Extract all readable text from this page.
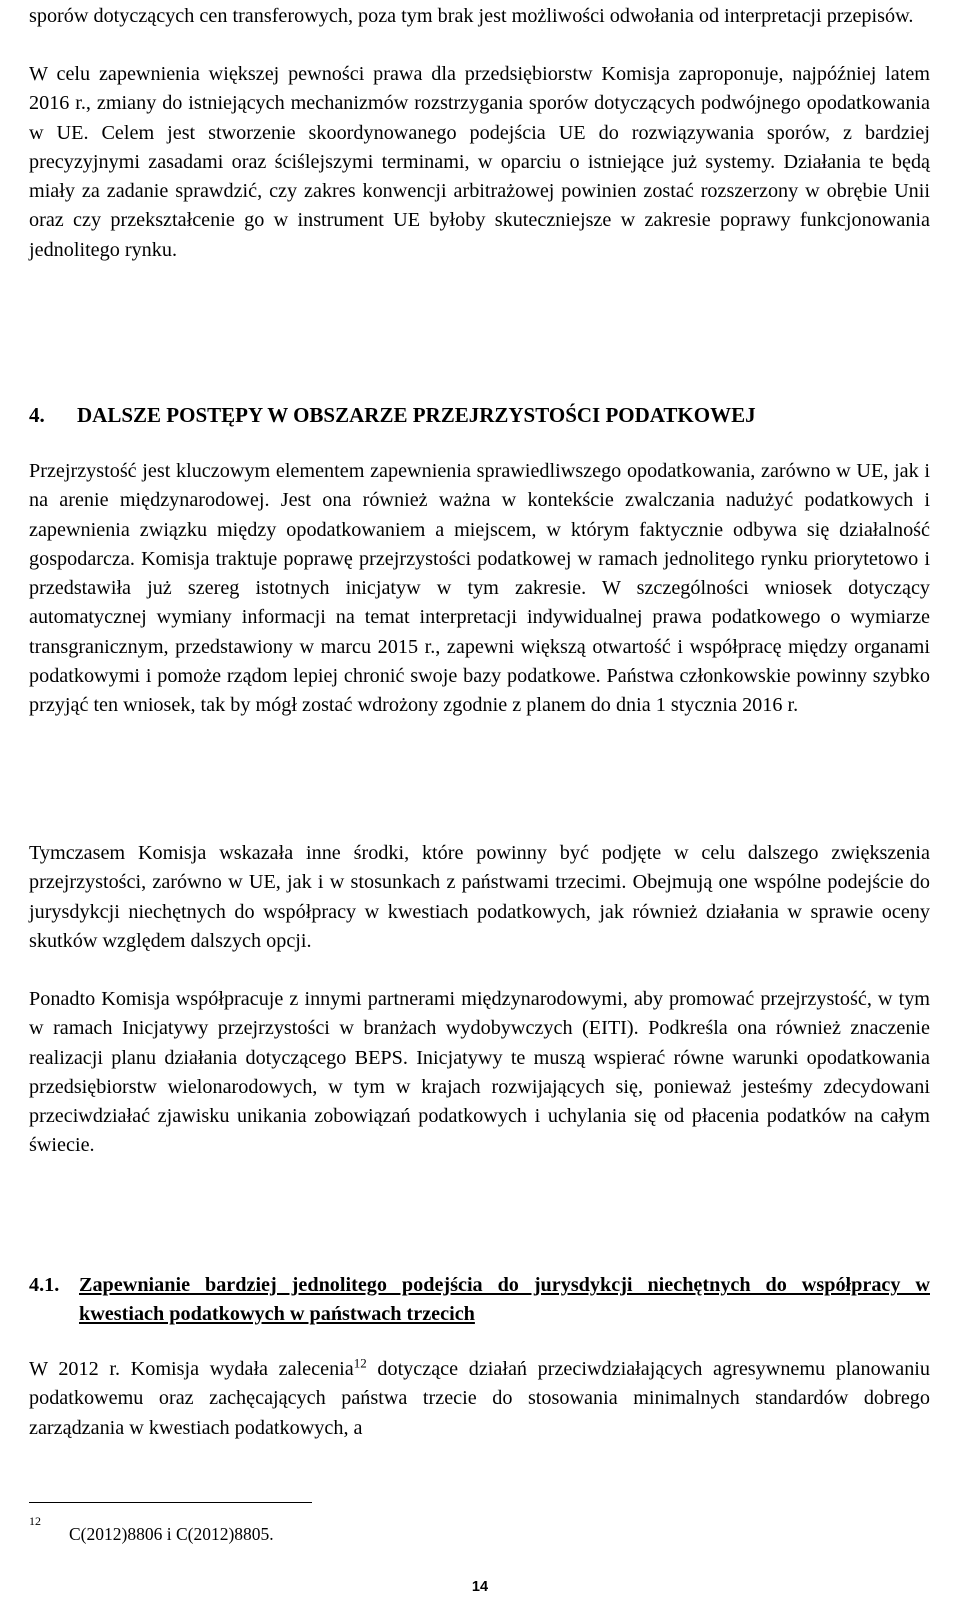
sporów dotyczących cen transferowych, poza tym brak jest możliwości odwołania od interpretacji przepisów.

W celu zapewnienia większej pewności prawa dla przedsiębiorstw Komisja zaproponuje, najpóźniej latem 2016 r., zmiany do istniejących mechanizmów rozstrzygania sporów dotyczących podwójnego opodatkowania w UE. Celem jest stworzenie skoordynowanego podejścia UE do rozwiązywania sporów, z bardziej precyzyjnymi zasadami oraz ściślejszymi terminami, w oparciu o istniejące już systemy. Działania te będą miały za zadanie sprawdzić, czy zakres konwencji arbitrażowej powinien zostać rozszerzony w obrębie Unii oraz czy przekształcenie go w instrument UE byłoby skuteczniejsze w zakresie poprawy funkcjonowania jednolitego rynku.

4. DALSZE POSTĘPY W OBSZARZE PRZEJRZYSTOŚCI PODATKOWEJ

Przejrzystość jest kluczowym elementem zapewnienia sprawiedliwszego opodatkowania, zarówno w UE, jak i na arenie międzynarodowej. Jest ona również ważna w kontekście zwalczania nadużyć podatkowych i zapewnienia związku między opodatkowaniem a miejscem, w którym faktycznie odbywa się działalność gospodarcza. Komisja traktuje poprawę przejrzystości podatkowej w ramach jednolitego rynku priorytetowo i przedstawiła już szereg istotnych inicjatyw w tym zakresie. W szczególności wniosek dotyczący automatycznej wymiany informacji na temat interpretacji indywidualnej prawa podatkowego o wymiarze transgranicznym, przedstawiony w marcu 2015 r., zapewni większą otwartość i współpracę między organami podatkowymi i pomoże rządom lepiej chronić swoje bazy podatkowe. Państwa członkowskie powinny szybko przyjąć ten wniosek, tak by mógł zostać wdrożony zgodnie z planem do dnia 1 stycznia 2016 r.

Tymczasem Komisja wskazała inne środki, które powinny być podjęte w celu dalszego zwiększenia przejrzystości, zarówno w UE, jak i w stosunkach z państwami trzecimi. Obejmują one wspólne podejście do jurysdykcji niechętnych do współpracy w kwestiach podatkowych, jak również działania w sprawie oceny skutków względem dalszych opcji.

Ponadto Komisja współpracuje z innymi partnerami międzynarodowymi, aby promować przejrzystość, w tym w ramach Inicjatywy przejrzystości w branżach wydobywczych (EITI). Podkreśla ona również znaczenie realizacji planu działania dotyczącego BEPS. Inicjatywy te muszą wspierać równe warunki opodatkowania przedsiębiorstw wielonarodowych, w tym w krajach rozwijających się, ponieważ jesteśmy zdecydowani przeciwdziałać zjawisku unikania zobowiązań podatkowych i uchylania się od płacenia podatków na całym świecie.

4.1. Zapewnianie bardziej jednolitego podejścia do jurysdykcji niechętnych do współpracy w kwestiach podatkowych w państwach trzecich

W 2012 r. Komisja wydała zalecenia$^{12}$ dotyczące działań przeciwdziałających agresywnemu planowaniu podatkowemu oraz zachęcających państwa trzecie do stosowania minimalnych standardów dobrego zarządzania w kwestiach podatkowych, a

12
C(2012)8806 i C(2012)8805.
14
